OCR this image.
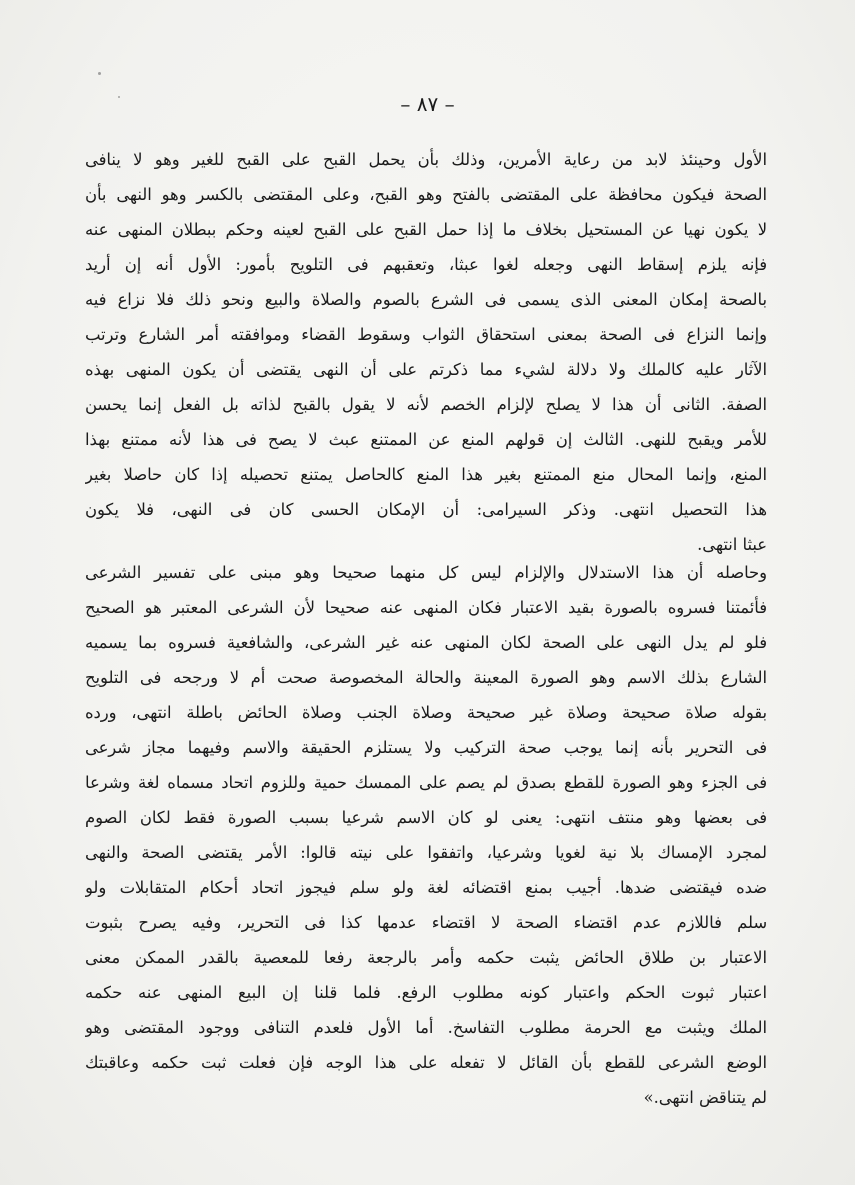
– ٨٧ –
الأول وحينئذ لابد من رعاية الأمرين، وذلك بأن يحمل القبح على القبح للغير وهو لا ينافى
الصحة فيكون محافظة على المقتضى بالفتح وهو القبح، وعلى المقتضى بالكسر وهو النهى بأن
لا يكون نهيا عن المستحيل بخلاف ما إذا حمل القبح على القبح لعينه وحكم ببطلان المنهى عنه
فإنه يلزم إسقاط النهى وجعله لغوا عبثا، وتعقبهم فى التلويح بأمور: الأول أنه إن أريد
بالصحة إمكان المعنى الذى يسمى فى الشرع بالصوم والصلاة والبيع ونحو ذلك فلا نزاع فيه
وإنما النزاع فى الصحة بمعنى استحقاق الثواب وسقوط القضاء وموافقته أمر الشارع وترتب
الآثار عليه كالملك ولا دلالة لشيء مما ذكرتم على أن النهى يقتضى أن يكون المنهى بهذه
الصفة. الثانى أن هذا لا يصلح لإلزام الخصم لأنه لا يقول بالقبح لذاته بل الفعل إنما يحسن
للأمر ويقبح للنهى. الثالث إن قولهم المنع عن الممتنع عبث لا يصح فى هذا لأنه ممتنع بهذا
المنع، وإنما المحال منع الممتنع بغير هذا المنع كالحاصل يمتنع تحصيله إذا كان حاصلا بغير
هذا التحصيل انتهى. وذكر السيرامى: أن الإمكان الحسى كان فى النهى، فلا يكون
عبثا انتهى.
وحاصله أن هذا الاستدلال والإلزام ليس كل منهما صحيحا وهو مبنى على تفسير الشرعى
فأئمتنا فسروه بالصورة بقيد الاعتبار فكان المنهى عنه صحيحا لأن الشرعى المعتبر هو الصحيح
فلو لم يدل النهى على الصحة لكان المنهى عنه غير الشرعى، والشافعية فسروه بما يسميه
الشارع بذلك الاسم وهو الصورة المعينة والحالة المخصوصة صحت أم لا ورجحه فى التلويح
بقوله صلاة صحيحة وصلاة غير صحيحة وصلاة الجنب وصلاة الحائض باطلة انتهى، ورده
فى التحرير بأنه إنما يوجب صحة التركيب ولا يستلزم الحقيقة والاسم وفيهما مجاز شرعى
فى الجزء وهو الصورة للقطع بصدق لم يصم على الممسك حمية وللزوم اتحاد مسماه لغة وشرعا
فى بعضها وهو منتف انتهى: يعنى لو كان الاسم شرعيا بسبب الصورة فقط لكان الصوم
لمجرد الإمساك بلا نية لغويا وشرعيا، واتفقوا على نيته قالوا: الأمر يقتضى الصحة والنهى
ضده فيقتضى ضدها. أجيب بمنع اقتضائه لغة ولو سلم فيجوز اتحاد أحكام المتقابلات ولو
سلم فاللازم عدم اقتضاء الصحة لا اقتضاء عدمها كذا فى التحرير، وفيه يصرح بثبوت
الاعتبار بن طلاق الحائض يثبت حكمه وأمر بالرجعة رفعا للمعصية بالقدر الممكن معنى
اعتبار ثبوت الحكم واعتبار كونه مطلوب الرفع. فلما قلنا إن البيع المنهى عنه حكمه
الملك ويثبت مع الحرمة مطلوب التفاسخ. أما الأول فلعدم التنافى ووجود المقتضى وهو
الوضع الشرعى للقطع بأن القائل لا تفعله على هذا الوجه فإن فعلت ثبت حكمه وعاقبتك
لم يتناقض انتهى.»
